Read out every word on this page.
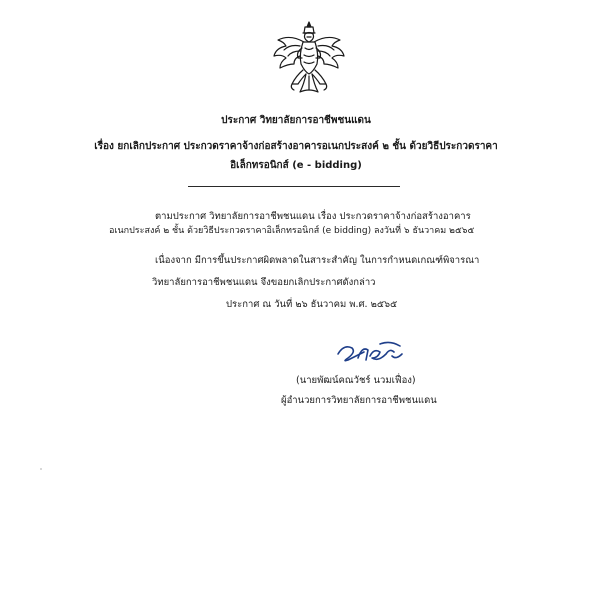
ประกาศ วิทยาลัยการอาชีพชนแดน
เรื่อง ยกเลิกประกาศ ประกวดราคาจ้างก่อสร้างอาคารอเนกประสงค์ ๒ ชั้น ด้วยวิธีประกวดราคา
อิเล็กทรอนิกส์ (e - bidding)
ตามประกาศ วิทยาลัยการอาชีพชนแดน เรื่อง ประกวดราคาจ้างก่อสร้างอาคาร
อเนกประสงค์ ๒ ชั้น ด้วยวิธีประกวดราคาอิเล็กทรอนิกส์ (e bidding) ลงวันที่ ๖ ธันวาคม ๒๕๖๕
เนื่องจาก มีการขึ้นประกาศผิดพลาดในสาระสำคัญ ในการกำหนดเกณฑ์พิจารณา
วิทยาลัยการอาชีพชนแดน จึงขอยกเลิกประกาศดังกล่าว
ประกาศ ณ วันที่ ๒๖ ธันวาคม พ.ศ. ๒๕๖๕
(นายพัฒน์คณวัชร์ นวมเฟื่อง)
ผู้อำนวยการวิทยาลัยการอาชีพชนแดน
